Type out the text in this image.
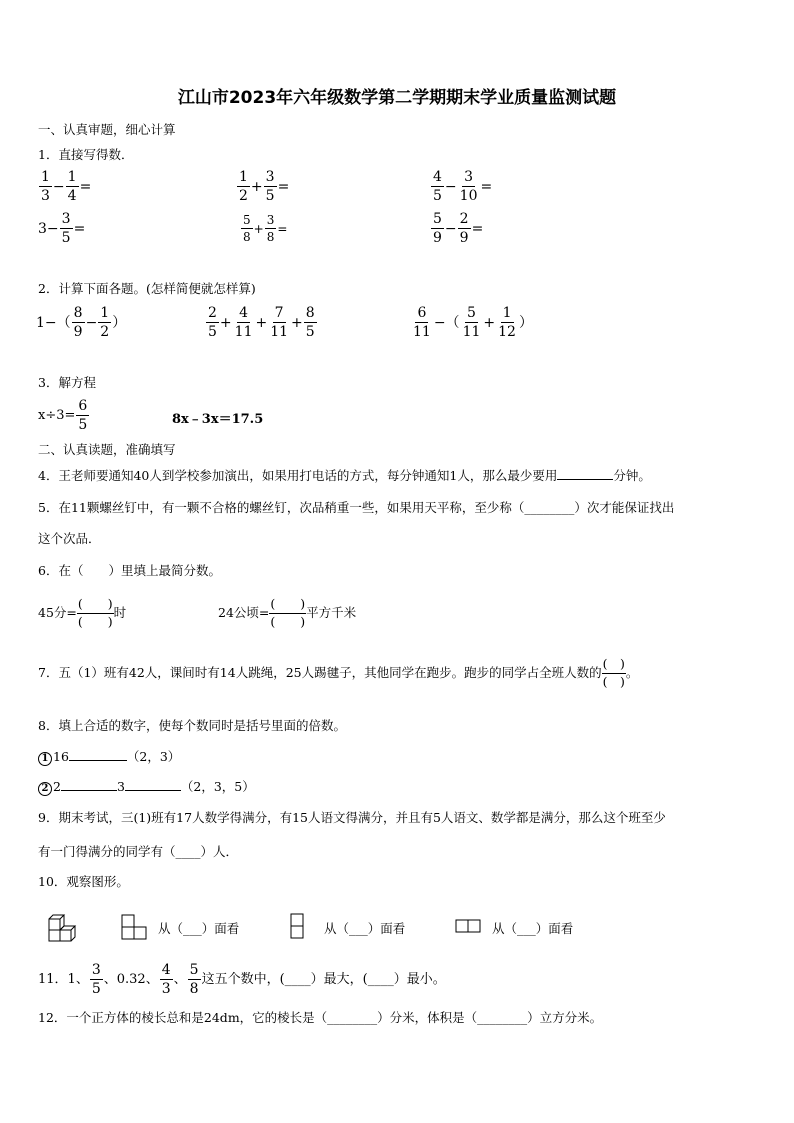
江山市2023年六年级数学第二学期期末学业质量监测试题
一、认真审题，细心计算
1．直接写得数．
$\frac{1}{3} - \frac{1}{4}$ =	$\frac{1}{2} + \frac{3}{5}$ =	$\frac{4}{5} - \frac{3}{10}$ =
$3- \frac{3}{5}$ =	$\frac{5}{8} + \frac{3}{8}$ =	$\frac{5}{9} - \frac{2}{9}$ =
2．计算下面各题。(怎样简便就怎样算)
$1-( \frac{8}{9} - \frac{1}{2}$ ）	$\frac{2}{5} + \frac{4}{11} + \frac{7}{11} + \frac{8}{5}$	$\frac{6}{11}$ −（ $\frac{5}{11} + \frac{1}{12}$ ）
3．解方程
$x\div 3= \frac{6}{5}$	8x﹣3x＝17.5
二、认真读题，准确填写
4．王老师要通知40人到学校参加演出，如果用打电话的方式，每分钟通知1人，那么最少要用	分钟。
5．在11颗螺丝钉中，有一颗不合格的螺丝钉，次品稍重一些，如果用天平称，至少称（________）次才能保证找出
这个次品．
6．在（　　）里填上最简分数。
45分= $\frac{( )}{( )}$ 时	24公顷= $\frac{( )}{( )}$ 平方千米
7．五（1）班有42人，课间时有14人跳绳，25人踢毽子，其他同学在跑步。跑步的同学占全班人数的 $\frac{( )}{( )}$ 。
8．填上合适的数字，使每个数同时是括号里面的倍数。
1 16	（2，3）
2 2	3	（2，3，5）
9．期末考试，三(1)班有17人数学得满分，有15人语文得满分，并且有5人语文、数学都是满分，那么这个班至少
有一门得满分的同学有（____）人．
10．观察图形。
从（___）面看	从（___）面看	从（___）面看
11．1、 $\frac{3}{5}$ 、0.32、 $\frac{4}{3}$ 、 $\frac{5}{8}$ 这五个数中，(____）最大，(____）最小。
12．一个正方体的棱长总和是24dm，它的棱长是（________）分米，体积是（________）立方分米。
